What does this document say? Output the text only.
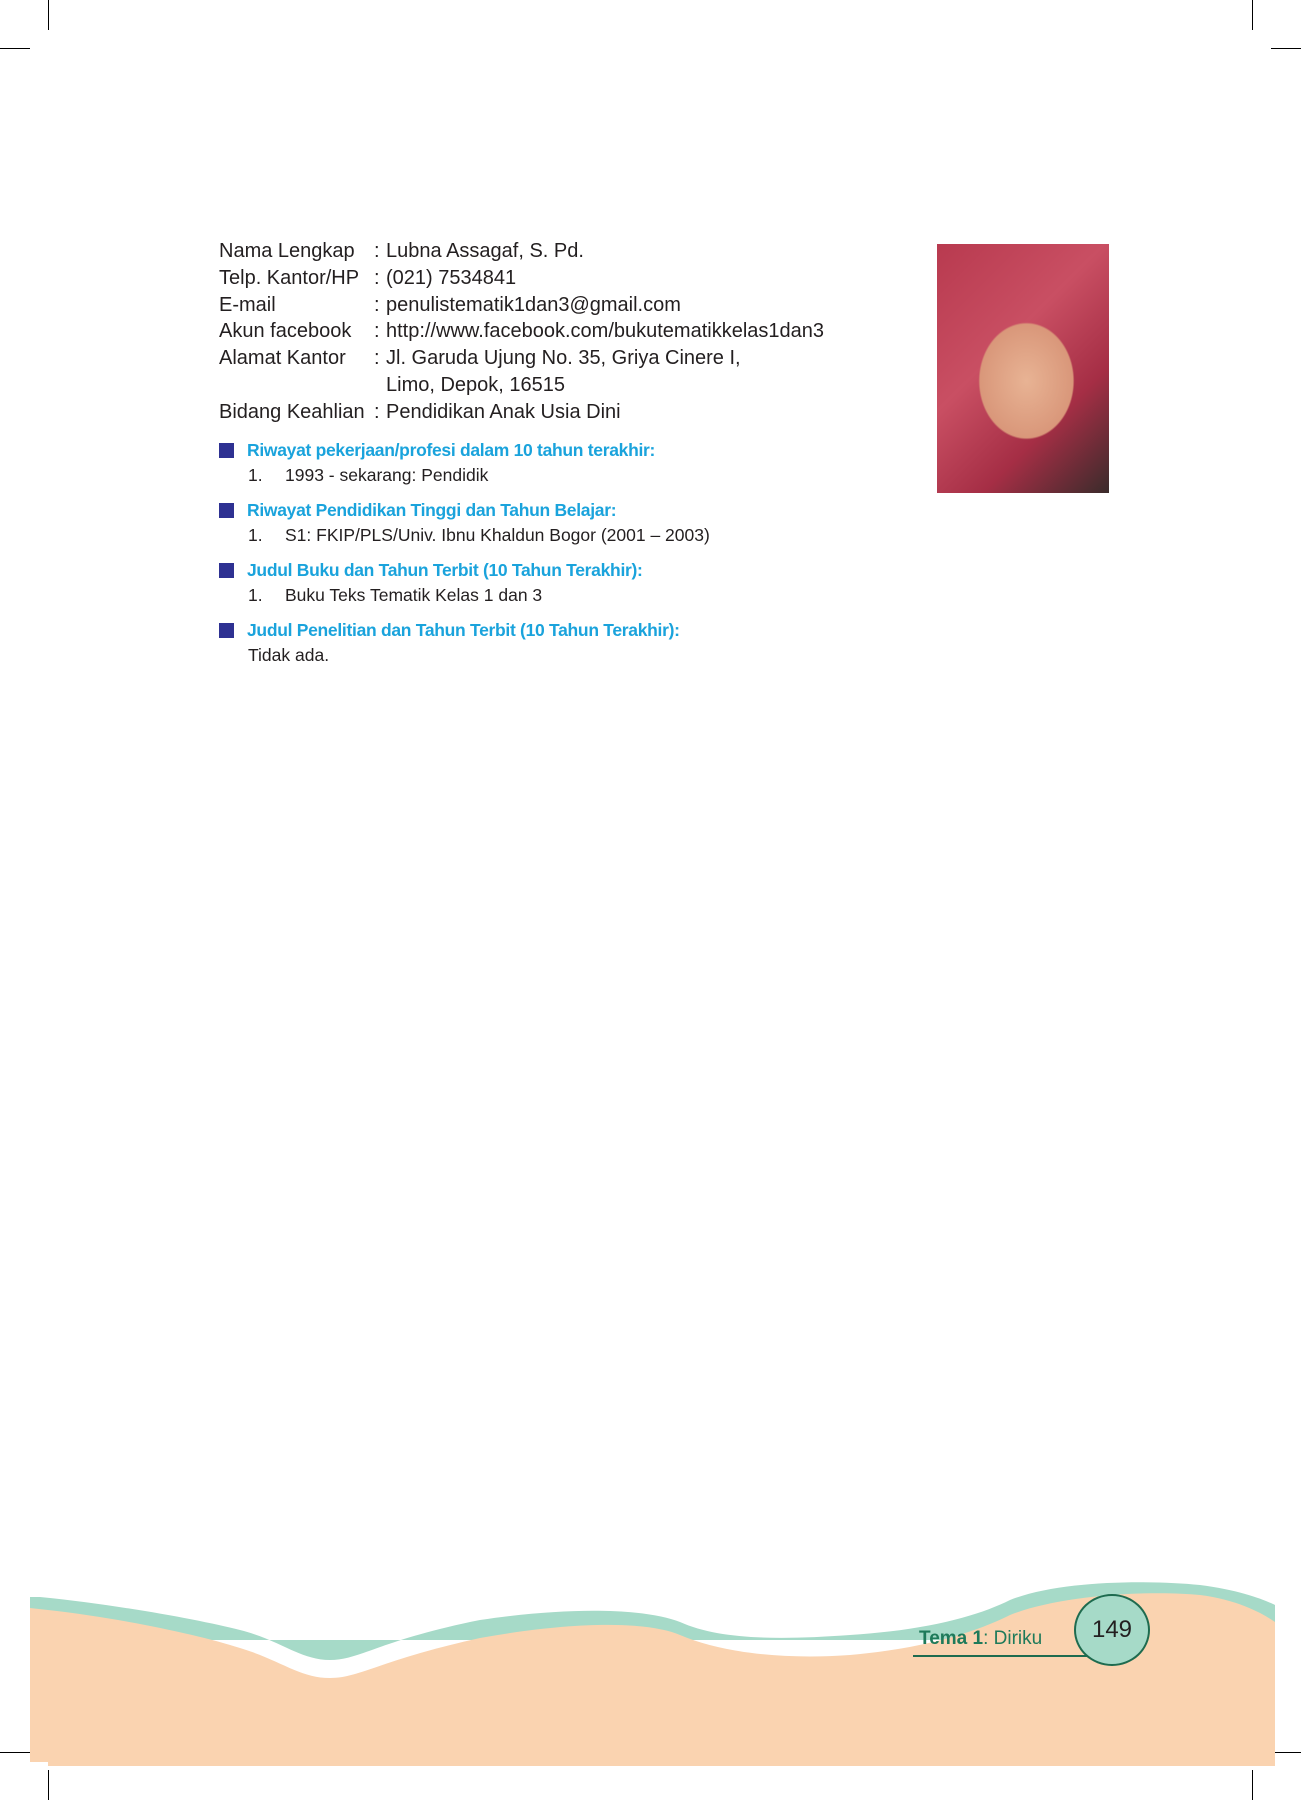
Nama Lengkap : Lubna Assagaf, S. Pd.
Telp. Kantor/HP : (021) 7534841
E-mail	: penulistematik1dan3@gmail.com
Akun facebook	: http://www.facebook.com/bukutematikkelas1dan3
Alamat Kantor	: Jl. Garuda Ujung No. 35, Griya Cinere I,
Limo, Depok, 16515
Bidang Keahlian : Pendidikan Anak Usia Dini
Riwayat pekerjaan/profesi dalam 10 tahun terakhir:
1.	1993 - sekarang: Pendidik
Riwayat Pendidikan Tinggi dan Tahun Belajar:
1.	S1: FKIP/PLS/Univ. Ibnu Khaldun Bogor (2001 – 2003)
Judul Buku dan Tahun Terbit (10 Tahun Terakhir):
1.	Buku Teks Tematik Kelas 1 dan 3
Judul Penelitian dan Tahun Terbit (10 Tahun Terakhir):
Tidak ada.
Tema 1: Diriku	149
